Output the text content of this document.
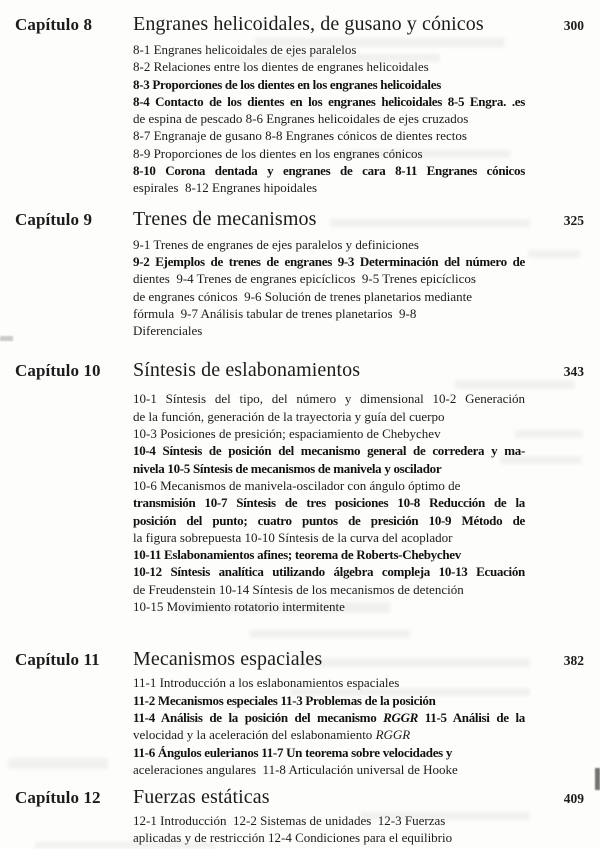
Capítulo 8	Engranes helicoidales, de gusano y cónicos	300
8-1 Engranes helicoidales de ejes paralelos
8-2 Relaciones entre los dientes de engranes helicoidales
8-3 Proporciones de los dientes en los engranes helicoidales
8-4 Contacto de los dientes en los engranes helicoidales 8-5 Engra. .es
de espina de pescado 8-6 Engranes helicoidales de ejes cruzados
8-7 Engranaje de gusano 8-8 Engranes cónicos de dientes rectos
8-9 Proporciones de los dientes en los engranes cónicos
8-10 Corona dentada y engranes de cara 8-11 Engranes cónicos
espirales  8-12 Engranes hipoidales
Capítulo 9	Trenes de mecanismos	325
9-1 Trenes de engranes de ejes paralelos y definiciones
9-2 Ejemplos de trenes de engranes 9-3 Determinación del número de
dientes  9-4 Trenes de engranes epicíclicos  9-5 Trenes epicíclicos
de engranes cónicos  9-6 Solución de trenes planetarios mediante
fórmula  9-7 Análisis tabular de trenes planetarios  9-8
Diferenciales
Capítulo 10	Síntesis de eslabonamientos	343
10-1 Síntesis del tipo, del número y dimensional 10-2 Generación
de la función, generación de la trayectoria y guía del cuerpo
10-3 Posiciones de presición; espaciamiento de Chebychev
10-4 Síntesis de posición del mecanismo general de corredera y ma-
nivela 10-5 Síntesis de mecanismos de manivela y oscilador
10-6 Mecanismos de manivela-oscilador con ángulo óptimo de
transmisión 10-7 Síntesis de tres posiciones 10-8 Reducción de la
posición del punto; cuatro puntos de presición 10-9 Método de
la figura sobrepuesta 10-10 Síntesis de la curva del acoplador
10-11 Eslabonamientos afines; teorema de Roberts-Chebychev
10-12 Síntesis analítica utilizando álgebra compleja 10-13 Ecuación
de Freudenstein 10-14 Síntesis de los mecanismos de detención
10-15 Movimiento rotatorio intermitente
Capítulo 11	Mecanismos espaciales	382
11-1 Introducción a los eslabonamientos espaciales
11-2 Mecanismos especiales 11-3 Problemas de la posición
11-4 Análisis de la posición del mecanismo RGGR 11-5 Análisi de la
velocidad y la aceleración del eslabonamiento RGGR
11-6 Ángulos eulerianos 11-7 Un teorema sobre velocidades y
aceleraciones angulares  11-8 Articulación universal de Hooke
Capítulo 12	Fuerzas estáticas	409
12-1 Introducción  12-2 Sistemas de unidades  12-3 Fuerzas
aplicadas y de restricción 12-4 Condiciones para el equilibrio
